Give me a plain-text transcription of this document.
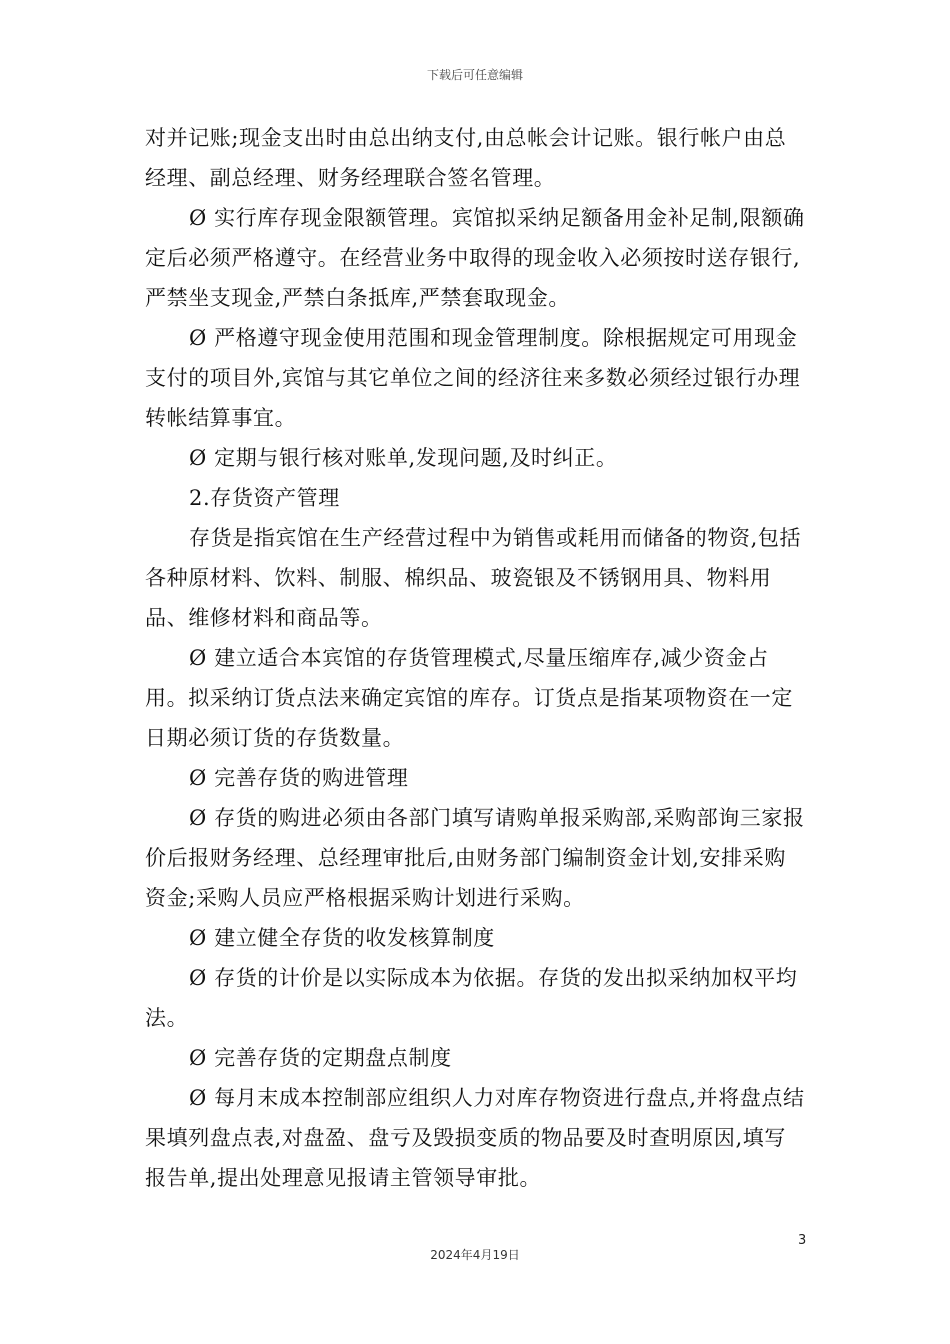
下载后可任意编辑

对并记账;现金支出时由总出纳支付,由总帐会计记账。银行帐户由总经理、副总经理、财务经理联合签名管理。

Ø 实行库存现金限额管理。宾馆拟采纳足额备用金补足制,限额确定后必须严格遵守。在经营业务中取得的现金收入必须按时送存银行,严禁坐支现金,严禁白条抵库,严禁套取现金。

Ø 严格遵守现金使用范围和现金管理制度。除根据规定可用现金支付的项目外,宾馆与其它单位之间的经济往来多数必须经过银行办理转帐结算事宜。

Ø 定期与银行核对账单,发现问题,及时纠正。

2.存货资产管理

存货是指宾馆在生产经营过程中为销售或耗用而储备的物资,包括各种原材料、饮料、制服、棉织品、玻瓷银及不锈钢用具、物料用品、维修材料和商品等。

Ø 建立适合本宾馆的存货管理模式,尽量压缩库存,减少资金占用。拟采纳订货点法来确定宾馆的库存。订货点是指某项物资在一定日期必须订货的存货数量。

Ø 完善存货的购进管理

Ø 存货的购进必须由各部门填写请购单报采购部,采购部询三家报价后报财务经理、总经理审批后,由财务部门编制资金计划,安排采购资金;采购人员应严格根据采购计划进行采购。

Ø 建立健全存货的收发核算制度

Ø 存货的计价是以实际成本为依据。存货的发出拟采纳加权平均法。

Ø 完善存货的定期盘点制度

Ø 每月末成本控制部应组织人力对库存物资进行盘点,并将盘点结果填列盘点表,对盘盈、盘亏及毁损变质的物品要及时查明原因,填写报告单,提出处理意见报请主管领导审批。

3
2024年4月19日
